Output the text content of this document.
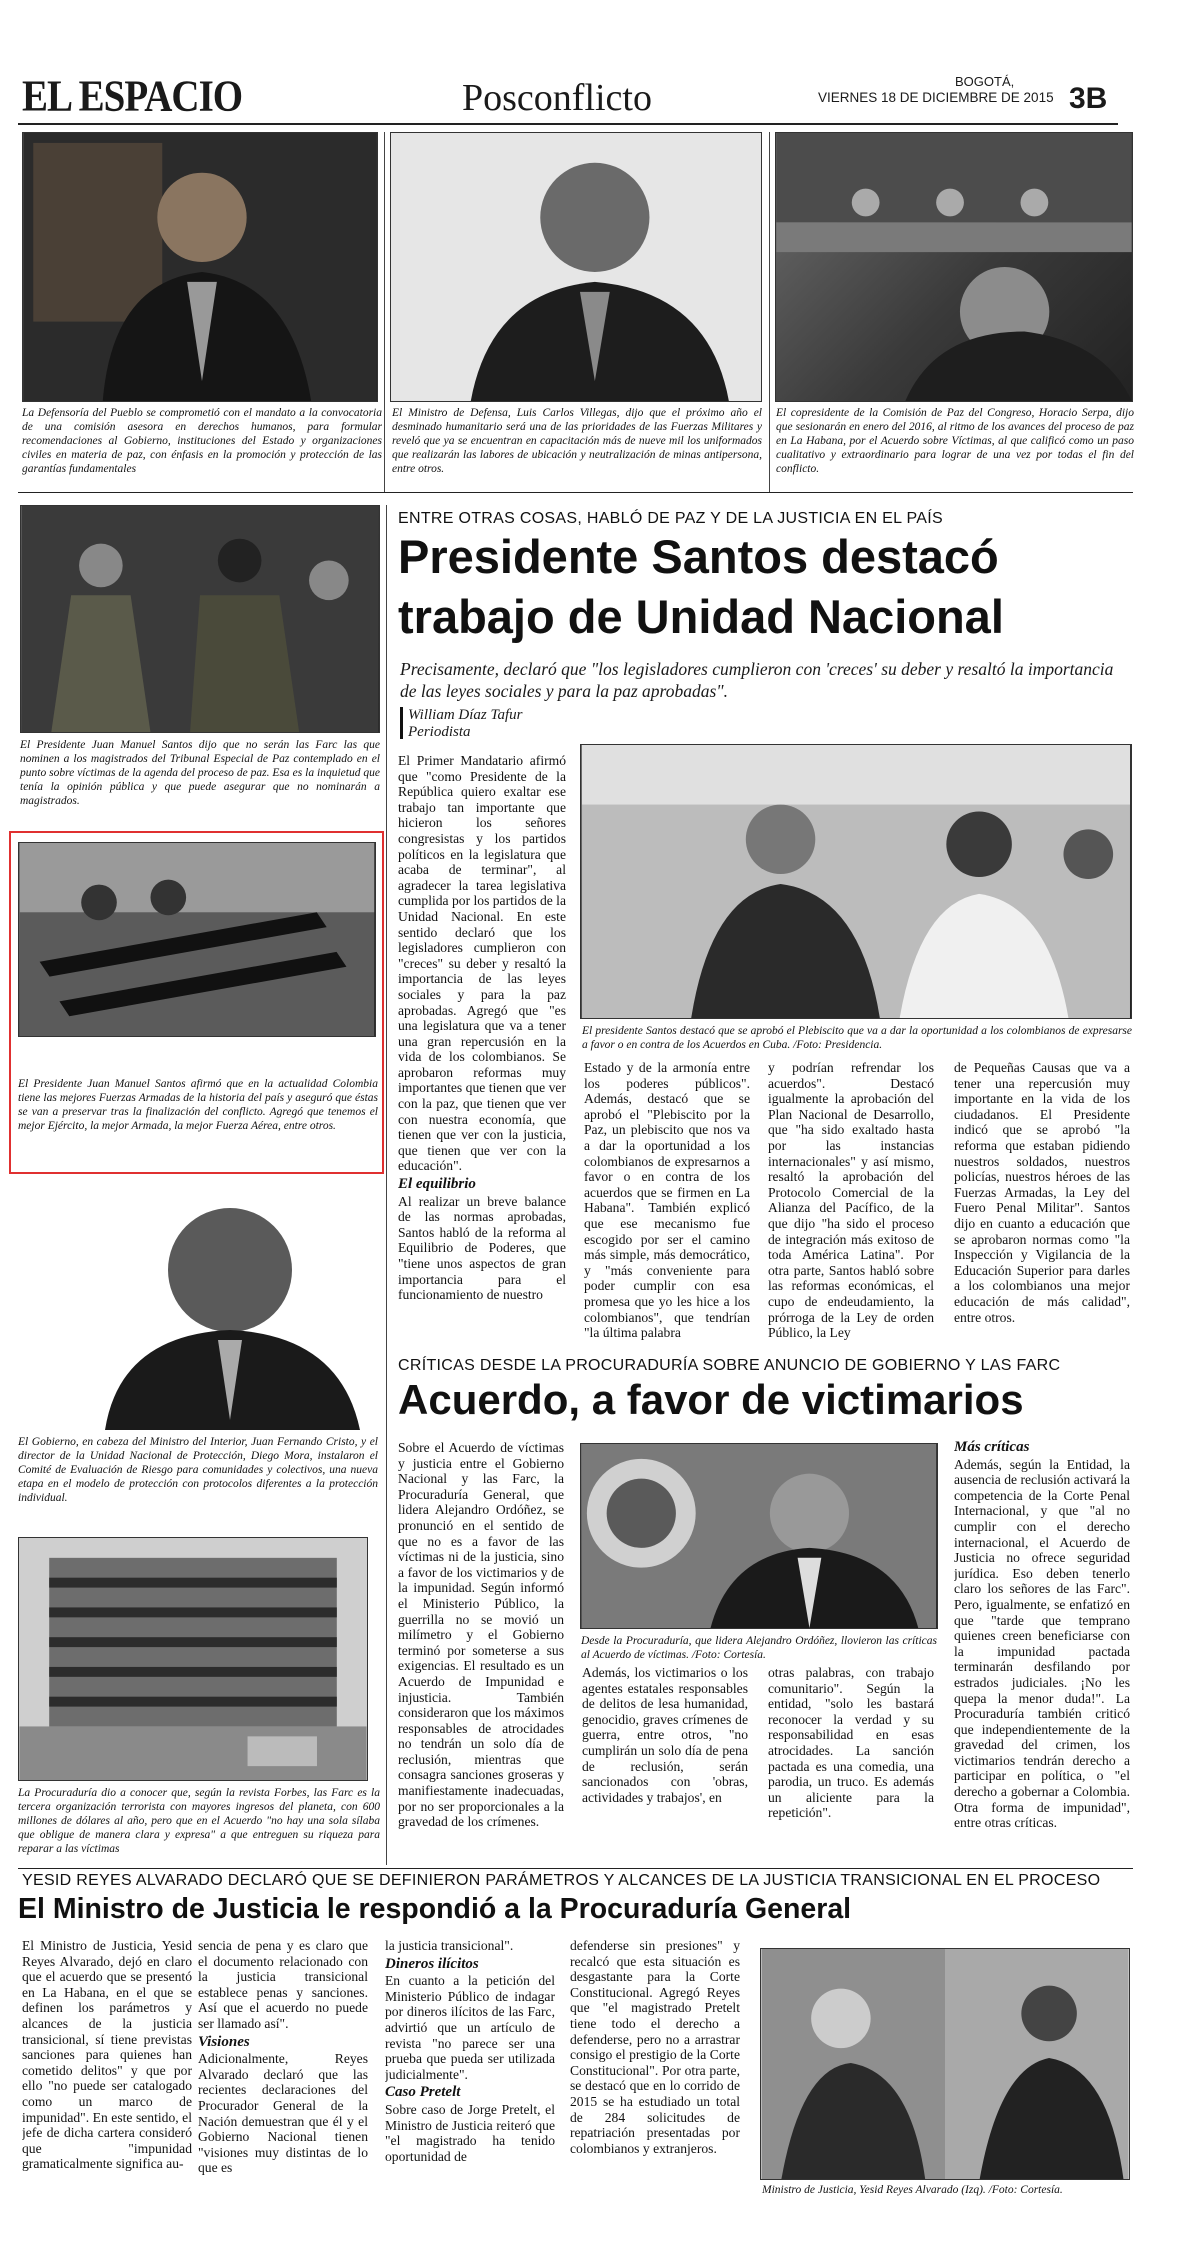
EL ESPACIO	Posconflicto	BOGOTÁ,
VIERNES 18 DE DICIEMBRE DE 2015 3B
La Defensoría del Pueblo se comprometió con el mandato a la convocatoria de una comisión asesora en derechos humanos, para formular recomendaciones al Gobierno, instituciones del Estado y organizaciones civiles en materia de paz, con énfasis en la promoción y protección de las garantías fundamentales
El Ministro de Defensa, Luis Carlos Villegas, dijo que el próximo año el desminado humanitario será una de las prioridades de las Fuerzas Militares y reveló que ya se encuentran en capacitación más de nueve mil los uniformados que realizarán las labores de ubicación y neutralización de minas antipersona, entre otros.
El copresidente de la Comisión de Paz del Congreso, Horacio Serpa, dijo que sesionarán en enero del 2016, al ritmo de los avances del proceso de paz en La Habana, por el Acuerdo sobre Víctimas, al que calificó como un paso cualitativo y extraordinario para lograr de una vez por todas el fin del conflicto.
El Presidente Juan Manuel Santos dijo que no serán las Farc las que nominen a los magistrados del Tribunal Especial de Paz contemplado en el punto sobre víctimas de la agenda del proceso de paz. Esa es la inquietud que tenía la opinión pública y que puede asegurar que no nominarán a magistrados.
El Presidente Juan Manuel Santos afirmó que en la actualidad Colombia tiene las mejores Fuerzas Armadas de la historia del país y aseguró que éstas se van a preservar tras la finalización del conflicto. Agregó que tenemos el mejor Ejército, la mejor Armada, la mejor Fuerza Aérea, entre otros.
El Gobierno, en cabeza del Ministro del Interior, Juan Fernando Cristo, y el director de la Unidad Nacional de Protección, Diego Mora, instalaron el Comité de Evaluación de Riesgo para comunidades y colectivos, una nueva etapa en el modelo de protección con protocolos diferentes a la protección individual.
La Procuraduría dio a conocer que, según la revista Forbes, las Farc es la tercera organización terrorista con mayores ingresos del planeta, con 600 millones de dólares al año, pero que en el Acuerdo "no hay una sola sílaba que obligue de manera clara y expresa" a que entreguen su riqueza para reparar a las víctimas
ENTRE OTRAS COSAS, HABLÓ DE PAZ Y DE LA JUSTICIA EN EL PAÍS
Presidente Santos destacó
trabajo de Unidad Nacional
Precisamente, declaró que "los legisladores cumplieron con 'creces' su deber y resaltó la importancia de las leyes sociales y para la paz aprobadas".
William Díaz Tafur
Periodista

El Primer Mandatario afirmó que "como Presidente de la República quiero exaltar ese trabajo tan importante que hicieron los señores congresistas y los partidos políticos en la legislatura que acaba de terminar", al agradecer la tarea legislativa cumplida por los partidos de la Unidad Nacional. En este sentido declaró que los legisladores cumplieron con "creces" su deber y resaltó la importancia de las leyes sociales y para la paz aprobadas. Agregó que "es una legislatura que va a tener una gran repercusión en la vida de los colombianos. Se aprobaron reformas muy importantes que tienen que ver con la paz, que tienen que ver con nuestra economía, que tienen que ver con la justicia, que tienen que ver con la educación".

El equilibrio

Al realizar un breve balance de las normas aprobadas, Santos habló de la reforma al Equilibrio de Poderes, que "tiene unos aspectos de gran importancia para el funcionamiento de nuestro

El presidente Santos destacó que se aprobó el Plebiscito que va a dar la oportunidad a los colombianos de expresarse a favor o en contra de los Acuerdos en Cuba. /Foto: Presidencia.

Estado y de la armonía entre los poderes públicos". Además, destacó que se aprobó el "Plebiscito por la Paz, un plebiscito que nos va a dar la oportunidad a los colombianos de expresarnos a favor o en contra de los acuerdos que se firmen en La Habana". También explicó que ese mecanismo fue escogido por ser el camino más simple, más democrático, y "más conveniente para poder cumplir con esa promesa que yo les hice a los colombianos", que tendrían "la última palabra

y podrían refrendar los acuerdos". Destacó igualmente la aprobación del Plan Nacional de Desarrollo, que "ha sido exaltado hasta por las instancias internacionales" y así mismo, resaltó la aprobación del Protocolo Comercial de la Alianza del Pacífico, de la que dijo "ha sido el proceso de integración más exitoso de toda América Latina". Por otra parte, Santos habló sobre las reformas económicas, el cupo de endeudamiento, la prórroga de la Ley de orden Público, la Ley

de Pequeñas Causas que va a tener una repercusión muy importante en la vida de los ciudadanos. El Presidente indicó que se aprobó "la reforma que estaban pidiendo nuestros soldados, nuestros policías, nuestros héroes de las Fuerzas Armadas, la Ley del Fuero Penal Militar". Santos dijo en cuanto a educación que se aprobaron normas como "la Inspección y Vigilancia de la Educación Superior para darles a los colombianos una mejor educación de más calidad", entre otros.

CRÍTICAS DESDE LA PROCURADURÍA SOBRE ANUNCIO DE GOBIERNO Y LAS FARC
Acuerdo, a favor de victimarios

Sobre el Acuerdo de víctimas y justicia entre el Gobierno Nacional y las Farc, la Procuraduría General, que lidera Alejandro Ordóñez, se pronunció en el sentido de que no es a favor de las víctimas ni de la justicia, sino a favor de los victimarios y de la impunidad. Según informó el Ministerio Público, la guerrilla no se movió un milímetro y el Gobierno terminó por someterse a sus exigencias. El resultado es un Acuerdo de Impunidad e injusticia. También consideraron que los máximos responsables de atrocidades no tendrán un solo día de reclusión, mientras que consagra sanciones groseras y manifiestamente inadecuadas, por no ser proporcionales a la gravedad de los crímenes.

Desde la Procuraduría, que lidera Alejandro Ordóñez, llovieron las críticas al Acuerdo de víctimas. /Foto: Cortesía.

Además, los victimarios o los agentes estatales responsables de delitos de lesa humanidad, genocidio, graves crímenes de guerra, entre otros, "no cumplirán un solo día de pena de reclusión, serán sancionados con 'obras, actividades y trabajos', en

otras palabras, con trabajo comunitario". Según la entidad, "solo les bastará reconocer la verdad y su responsabilidad en esas atrocidades. La sanción pactada es una comedia, una parodia, un truco. Es además un aliciente para la repetición".

Más críticas

Además, según la Entidad, la ausencia de reclusión activará la competencia de la Corte Penal Internacional, y que "al no cumplir con el derecho internacional, el Acuerdo de Justicia no ofrece seguridad jurídica. Eso deben tenerlo claro los señores de las Farc". Pero, igualmente, se enfatizó en que "tarde que temprano quienes creen beneficiarse con la impunidad pactada terminarán desfilando por estrados judiciales. ¡No les quepa la menor duda!". La Procuraduría también criticó que independientemente de la gravedad del crimen, los victimarios tendrán derecho a participar en política, o "el derecho a gobernar a Colombia. Otra forma de impunidad", entre otras críticas.

YESID REYES ALVARADO DECLARÓ QUE SE DEFINIERON PARÁMETROS Y ALCANCES DE LA JUSTICIA TRANSICIONAL EN EL PROCESO
El Ministro de Justicia le respondió a la Procuraduría General

El Ministro de Justicia, Yesid Reyes Alvarado, dejó en claro que el acuerdo que se presentó en La Habana, en el que se definen los parámetros y alcances de la justicia transicional, sí tiene previstas sanciones para quienes han cometido delitos" y que por ello "no puede ser catalogado como un marco de impunidad". En este sentido, el jefe de dicha cartera consideró que "impunidad gramaticalmente significa au-

sencia de pena y es claro que el documento relacionado con la justicia transicional establece penas y sanciones. Así que el acuerdo no puede ser llamado así".

Visiones

Adicionalmente, Reyes Alvarado declaró que las recientes declaraciones del Procurador General de la Nación demuestran que él y el Gobierno Nacional tienen "visiones muy distintas de lo que es

la justicia transicional".

Dineros ilícitos

En cuanto a la petición del Ministerio Público de indagar por dineros ilícitos de las Farc, advirtió que un artículo de revista "no parece ser una prueba que pueda ser utilizada judicialmente".

Caso Pretelt

Sobre caso de Jorge Pretelt, el Ministro de Justicia reiteró que "el magistrado ha tenido oportunidad de

defenderse sin presiones" y recalcó que esta situación es desgastante para la Corte Constitucional. Agregó Reyes que "el magistrado Pretelt tiene todo el derecho a defenderse, pero no a arrastrar consigo el prestigio de la Corte Constitucional". Por otra parte, se destacó que en lo corrido de 2015 se ha estudiado un total de 284 solicitudes de repatriación presentadas por colombianos y extranjeros.

Ministro de Justicia, Yesid Reyes Alvarado (Izq). /Foto: Cortesía.
